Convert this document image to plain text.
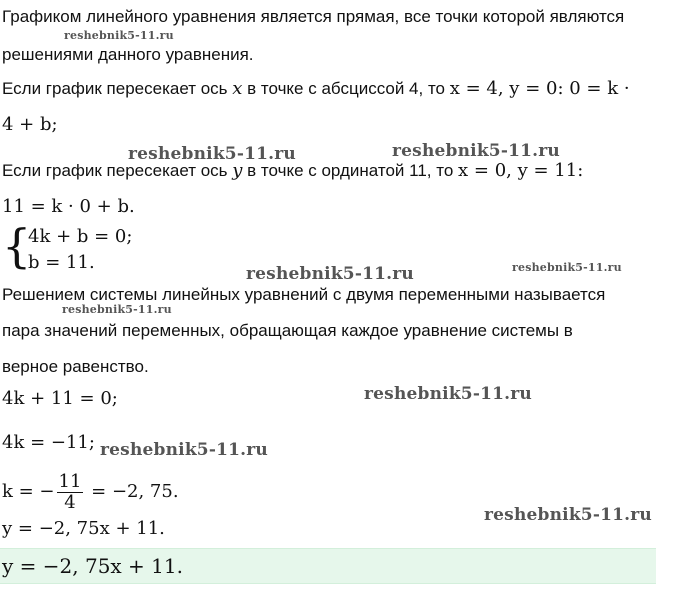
Графиком линейного уравнения является прямая, все точки которой являются
решениями данного уравнения.
Если график пересекает ось x в точке с абсциссой 4, то x = 4, y = 0: 0 = k ·
4 + b;
Если график пересекает ось y в точке с ординатой 11, то x = 0, y = 11:
11 = k · 0 + b.
{
4k + b = 0;
b = 11.
Решением системы линейных уравнений с двумя переменными называется
пара значений переменных, обращающая каждое уравнение системы в
верное равенство.
4k + 11 = 0;
4k = −11;
k = − $\frac{11}{4} = -2$, 75.
y = −2, 75x + 11.
y = −2, 75x + 11.
reshebnik5-11.ru
reshebnik5-11.ru	reshebnik5-11.ru
reshebnik5-11.ru	reshebnik5-11.ru
reshebnik5-11.ru
reshebnik5-11.ru
reshebnik5-11.ru
reshebnik5-11.ru
